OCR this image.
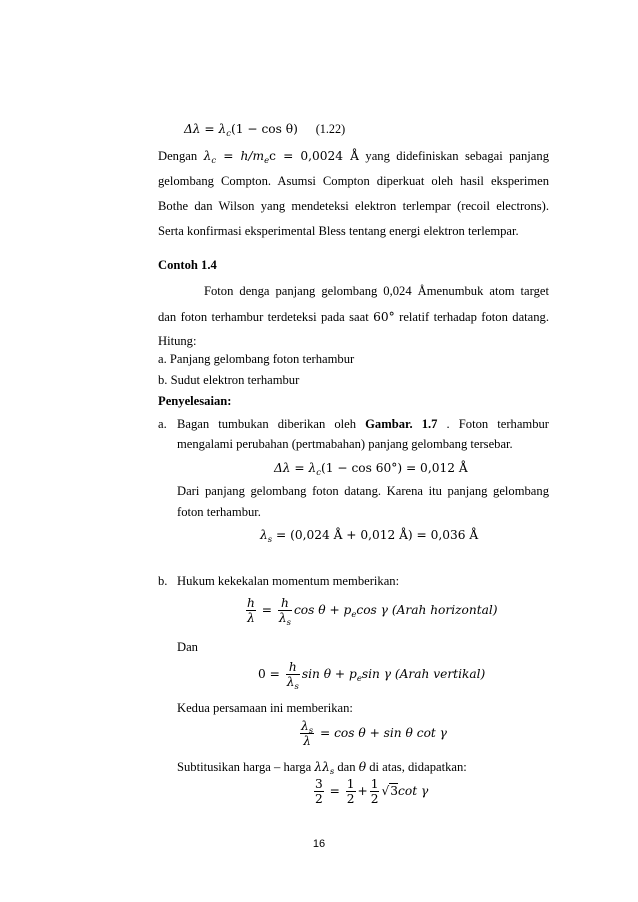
$\Delta\lambda = \lambda_c(1 - \cos \theta)$ (1.22)
Dengan $\lambda_c = h/m_ec = 0,0024$ Å yang didefiniskan sebagai panjang
gelombang Compton. Asumsi Compton diperkuat oleh hasil eksperimen
Bothe dan Wilson yang mendeteksi elektron terlempar (recoil electrons).
Serta konfirmasi eksperimental Bless tentang energi elektron terlempar.
Contoh 1.4
Foton denga panjang gelombang 0,024 Åmenumbuk atom target
dan foton terhambur terdeteksi pada saat 60° relatif terhadap foton datang.
Hitung:
a. Panjang gelombang foton terhambur
b. Sudut elektron terhambur
Penyelesaian:
a. Bagan tumbukan diberikan oleh Gambar. 1.7 . Foton terhambur
mengalami perubahan (pertmabahan) panjang gelombang tersebar.
$\Delta\lambda = \lambda_c(1 - \cos 60^\circ) = 0,012$ Å
Dari panjang gelombang foton datang. Karena itu panjang gelombang
foton terhambur.
$\lambda_s = (0,024$ Å + 0,012 Å) = 0,036 Å
b. Hukum kekekalan momentum memberikan:
$\frac{h}{\lambda} = \frac{h}{\lambda_s}$ $\cos \theta + p_e\cos$ γ (Arah horizontal)
Dan
$0 = \frac{h}{\lambda_s}$ $\sin \theta + p_e\sin$ γ (Arah vertikal)
Kedua persamaan ini memberikan:
$\frac{\lambda_s}{\lambda} = \cos \theta + \sin \theta$ cot γ
Subtitusikan harga – harga $\lambda\lambda_s$ dan θ di atas, didapatkan:
$\frac{3}{2} = \frac{1}{2} + \frac{1}{2} √3\cot$ γ
16
